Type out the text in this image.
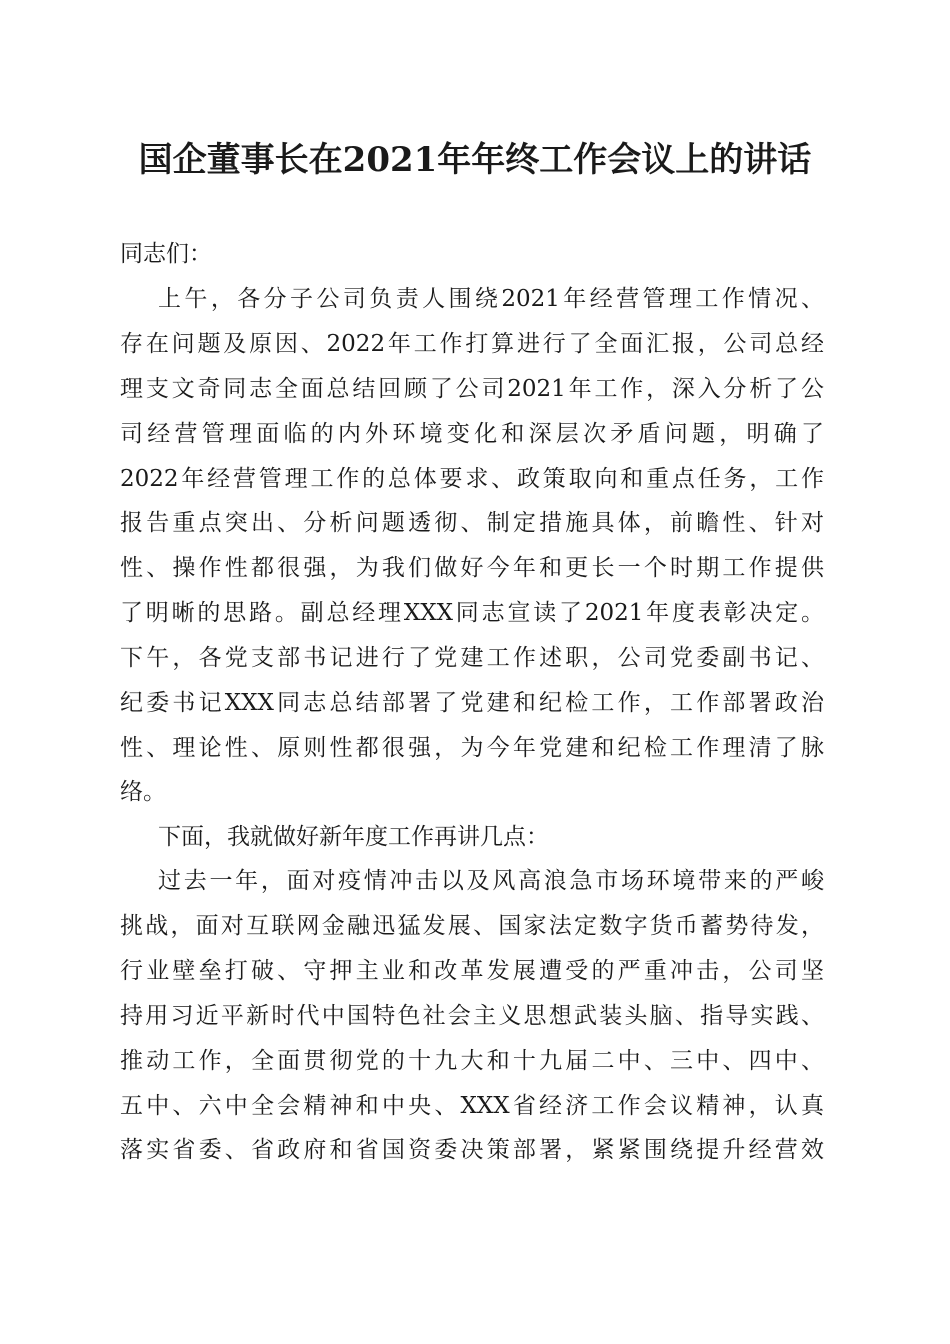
国企董事长在2021年年终工作会议上的讲话
同志们：
上午，各分子公司负责人围绕2021年经营管理工作情况、
存在问题及原因、2022年工作打算进行了全面汇报，公司总经
理支文奇同志全面总结回顾了公司2021年工作，深入分析了公
司经营管理面临的内外环境变化和深层次矛盾问题，明确了
2022年经营管理工作的总体要求、政策取向和重点任务，工作
报告重点突出、分析问题透彻、制定措施具体，前瞻性、针对
性、操作性都很强，为我们做好今年和更长一个时期工作提供
了明晰的思路。副总经理XXX同志宣读了2021年度表彰决定。
下午，各党支部书记进行了党建工作述职，公司党委副书记、
纪委书记XXX同志总结部署了党建和纪检工作，工作部署政治
性、理论性、原则性都很强，为今年党建和纪检工作理清了脉
络。
下面，我就做好新年度工作再讲几点：
过去一年，面对疫情冲击以及风高浪急市场环境带来的严峻
挑战，面对互联网金融迅猛发展、国家法定数字货币蓄势待发，
行业壁垒打破、守押主业和改革发展遭受的严重冲击，公司坚
持用习近平新时代中国特色社会主义思想武装头脑、指导实践、
推动工作，全面贯彻党的十九大和十九届二中、三中、四中、
五中、六中全会精神和中央、XXX省经济工作会议精神，认真
落实省委、省政府和省国资委决策部署，紧紧围绕提升经营效
